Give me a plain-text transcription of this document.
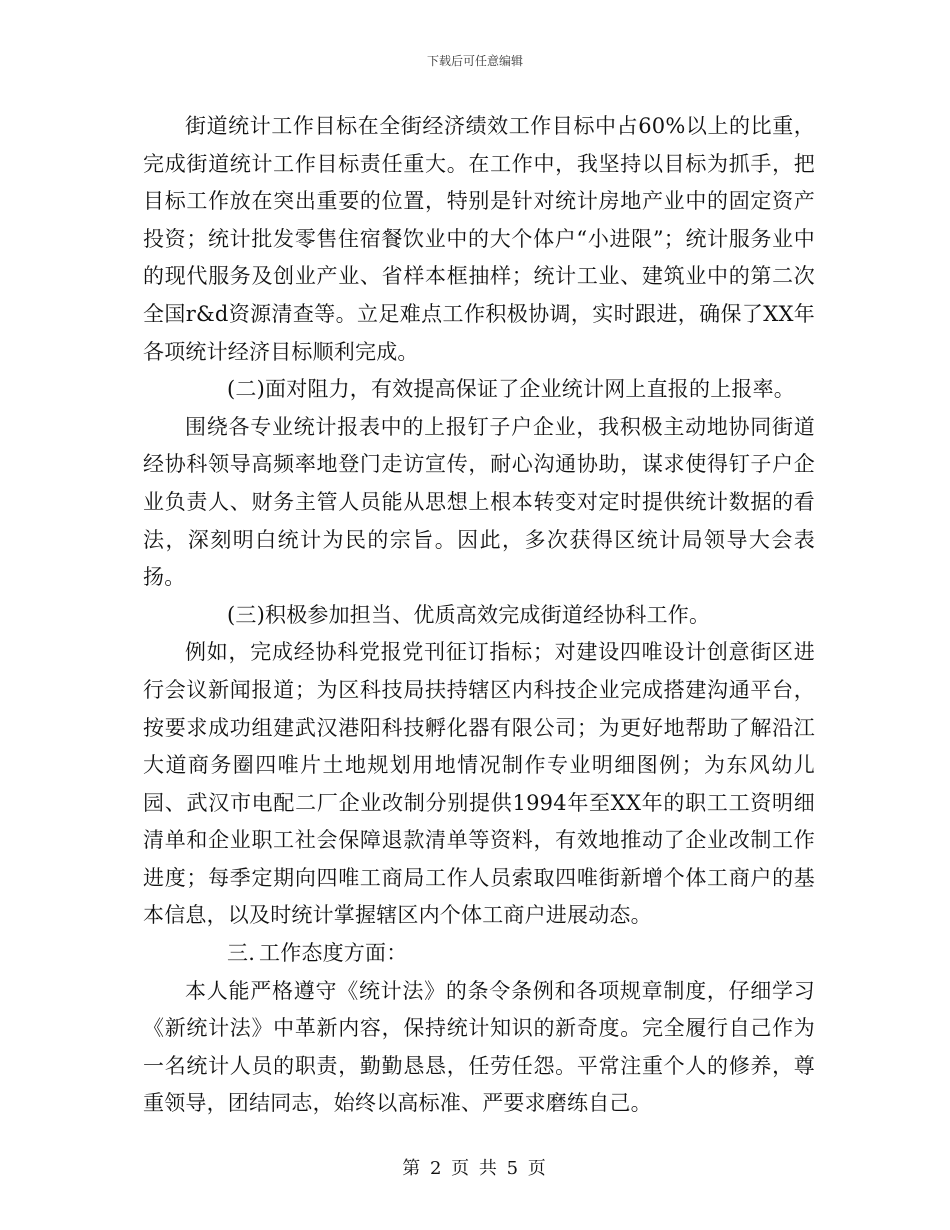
下载后可任意编辑

街道统计工作目标在全街经济绩效工作目标中占60%以上的比重，完成街道统计工作目标责任重大。在工作中，我坚持以目标为抓手，把目标工作放在突出重要的位置，特别是针对统计房地产业中的固定资产投资；统计批发零售住宿餐饮业中的大个体户“小进限”；统计服务业中的现代服务及创业产业、省样本框抽样；统计工业、建筑业中的第二次全国r&d资源清查等。立足难点工作积极协调，实时跟进，确保了XX年各项统计经济目标顺利完成。

(二)面对阻力，有效提高保证了企业统计网上直报的上报率。

围绕各专业统计报表中的上报钉子户企业，我积极主动地协同街道经协科领导高频率地登门走访宣传，耐心沟通协助，谋求使得钉子户企业负责人、财务主管人员能从思想上根本转变对定时提供统计数据的看法，深刻明白统计为民的宗旨。因此，多次获得区统计局领导大会表扬。

(三)积极参加担当、优质高效完成街道经协科工作。

例如，完成经协科党报党刊征订指标；对建设四唯设计创意街区进行会议新闻报道；为区科技局扶持辖区内科技企业完成搭建沟通平台，按要求成功组建武汉港阳科技孵化器有限公司；为更好地帮助了解沿江大道商务圈四唯片土地规划用地情况制作专业明细图例；为东风幼儿园、武汉市电配二厂企业改制分别提供1994年至XX年的职工工资明细清单和企业职工社会保障退款清单等资料，有效地推动了企业改制工作进度；每季定期向四唯工商局工作人员索取四唯街新增个体工商户的基本信息，以及时统计掌握辖区内个体工商户进展动态。

三. 工作态度方面：

本人能严格遵守《统计法》的条令条例和各项规章制度，仔细学习《新统计法》中革新内容，保持统计知识的新奇度。完全履行自己作为一名统计人员的职责，勤勤恳恳，任劳任怨。平常注重个人的修养，尊重领导，团结同志，始终以高标准、严要求磨练自己。

第 2 页 共 5 页
